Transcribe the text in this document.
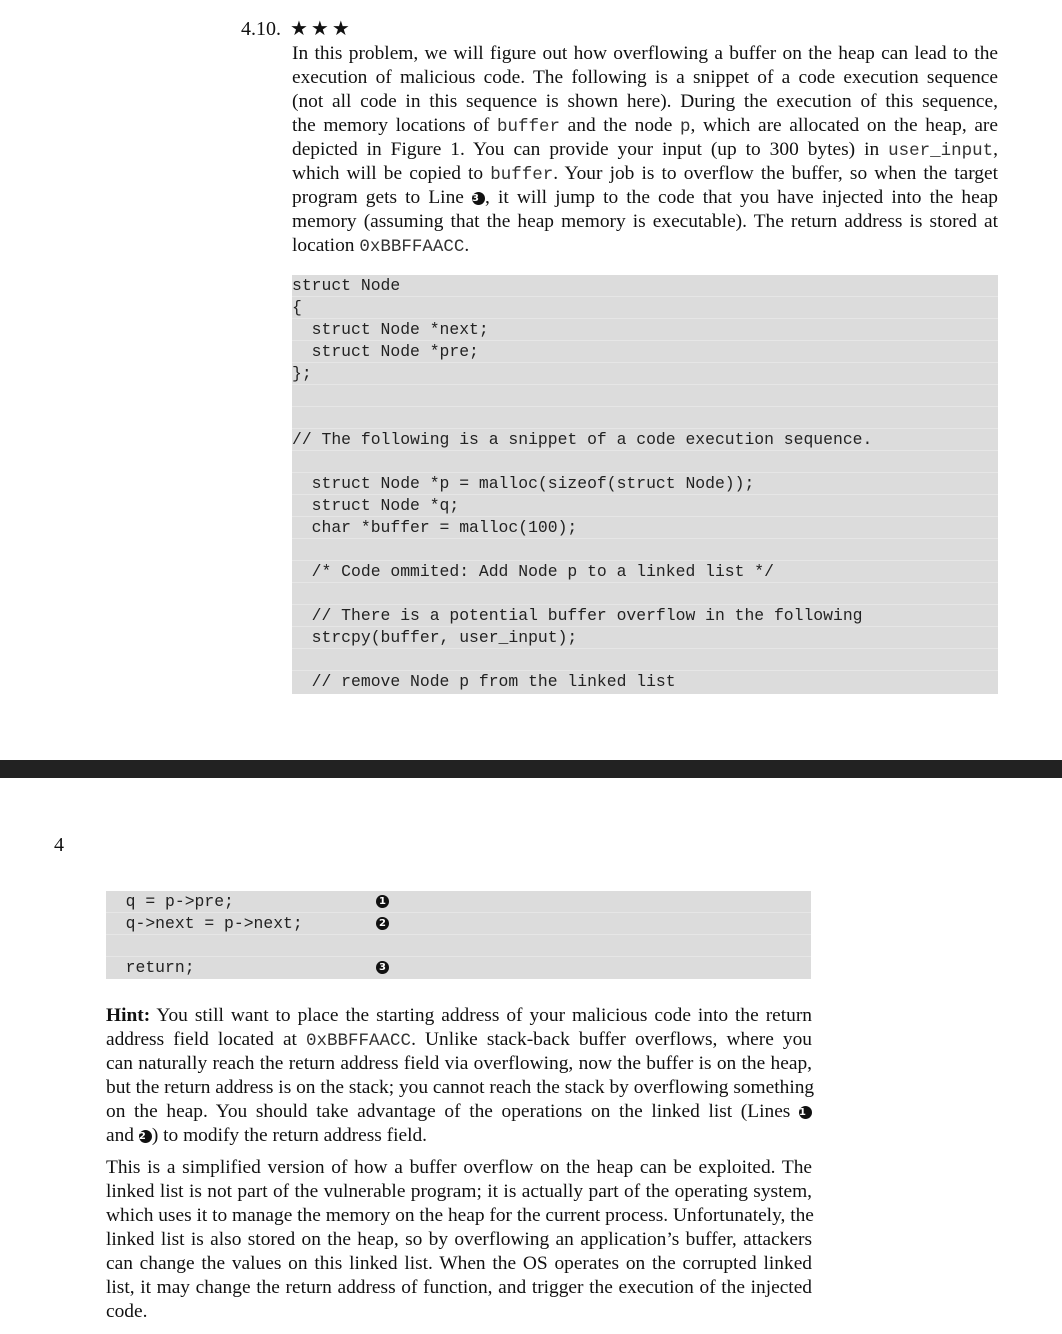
4.10. ★★★
In this problem, we will figure out how overflowing a buffer on the heap can lead to the
execution of malicious code. The following is a snippet of a code execution sequence
(not all code in this sequence is shown here). During the execution of this sequence,
the memory locations of buffer and the node p, which are allocated on the heap, are
depicted in Figure 1. You can provide your input (up to 300 bytes) in user_input,
which will be copied to buffer. Your job is to overflow the buffer, so when the target
program gets to Line 3 , it will jump to the code that you have injected into the heap
memory (assuming that the heap memory is executable). The return address is stored at
location 0xBBFFAACC.
struct Node
{
struct Node *next;
struct Node *pre;
};
// The following is a snippet of a code execution sequence.
struct Node *p = malloc(sizeof(struct Node));
struct Node *q;
char *buffer = malloc(100);
/* Code ommited: Add Node p to a linked list */
// There is a potential buffer overflow in the following
strcpy(buffer, user_input);
// remove Node p from the linked list
4
q = p->pre;	1
q->next = p->next;	2
return;	3
Hint: You still want to place the starting address of your malicious code into the return
address field located at 0xBBFFAACC. Unlike stack-back buffer overflows, where you
can naturally reach the return address field via overflowing, now the buffer is on the heap,
but the return address is on the stack; you cannot reach the stack by overflowing something
on the heap. You should take advantage of the operations on the linked list (Lines 1
and 2 ) to modify the return address field.
This is a simplified version of how a buffer overflow on the heap can be exploited. The
linked list is not part of the vulnerable program; it is actually part of the operating system,
which uses it to manage the memory on the heap for the current process. Unfortunately, the
linked list is also stored on the heap, so by overflowing an application’s buffer, attackers
can change the values on this linked list. When the OS operates on the corrupted linked
list, it may change the return address of function, and trigger the execution of the injected
code.
